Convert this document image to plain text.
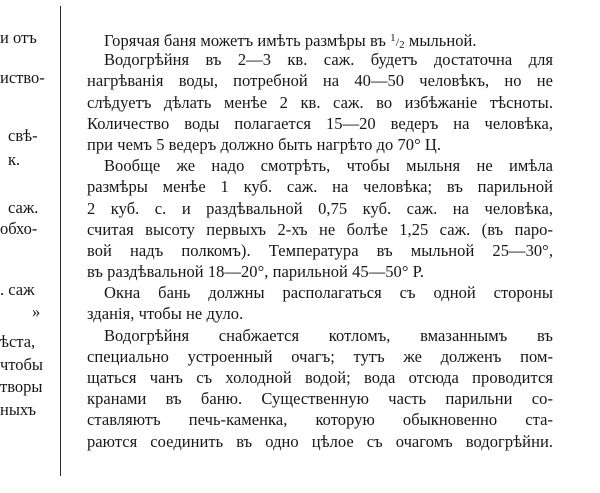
и отъ
иство-
свѣ-
к.
саж.
обхо-
. саж
»
ѣста,
чтобы
творы
ныхъ
Горячая баня можетъ имѣть размѣры въ 1/2 мыльной.
Водогрѣйня въ 2—3 кв. саж. будетъ достаточна для
нагрѣванія воды, потребной на 40—50 человѣкъ, но не
слѣдуетъ дѣлать менѣе 2 кв. саж. во избѣжаніе тѣсноты.
Количество воды полагается 15—20 ведеръ на человѣка,
при чемъ 5 ведеръ должно быть нагрѣто до 70° Ц.
Вообще же надо смотрѣть, чтобы мыльня не имѣла
размѣры менѣе 1 куб. саж. на человѣка; въ парильной
2 куб. с. и раздѣвальной 0,75 куб. саж. на человѣка,
считая высоту первыхъ 2-хъ не болѣе 1,25 саж. (въ паро-
вой надъ полкомъ). Температура въ мыльной 25—30°,
въ раздѣвальной 18—20°, парильной 45—50° Р.
Окна бань должны располагаться съ одной стороны
зданія, чтобы не дуло.
Водогрѣйня снабжается котломъ, вмазаннымъ въ
специально устроенный очагъ; тутъ же долженъ пом-
щаться чанъ съ холодной водой; вода отсюда проводится
кранами въ баню. Существенную часть парильни со-
ставляютъ печь-каменка, которую обыкновенно ста-
раются соединить въ одно цѣлое съ очагомъ водогрѣйни.
